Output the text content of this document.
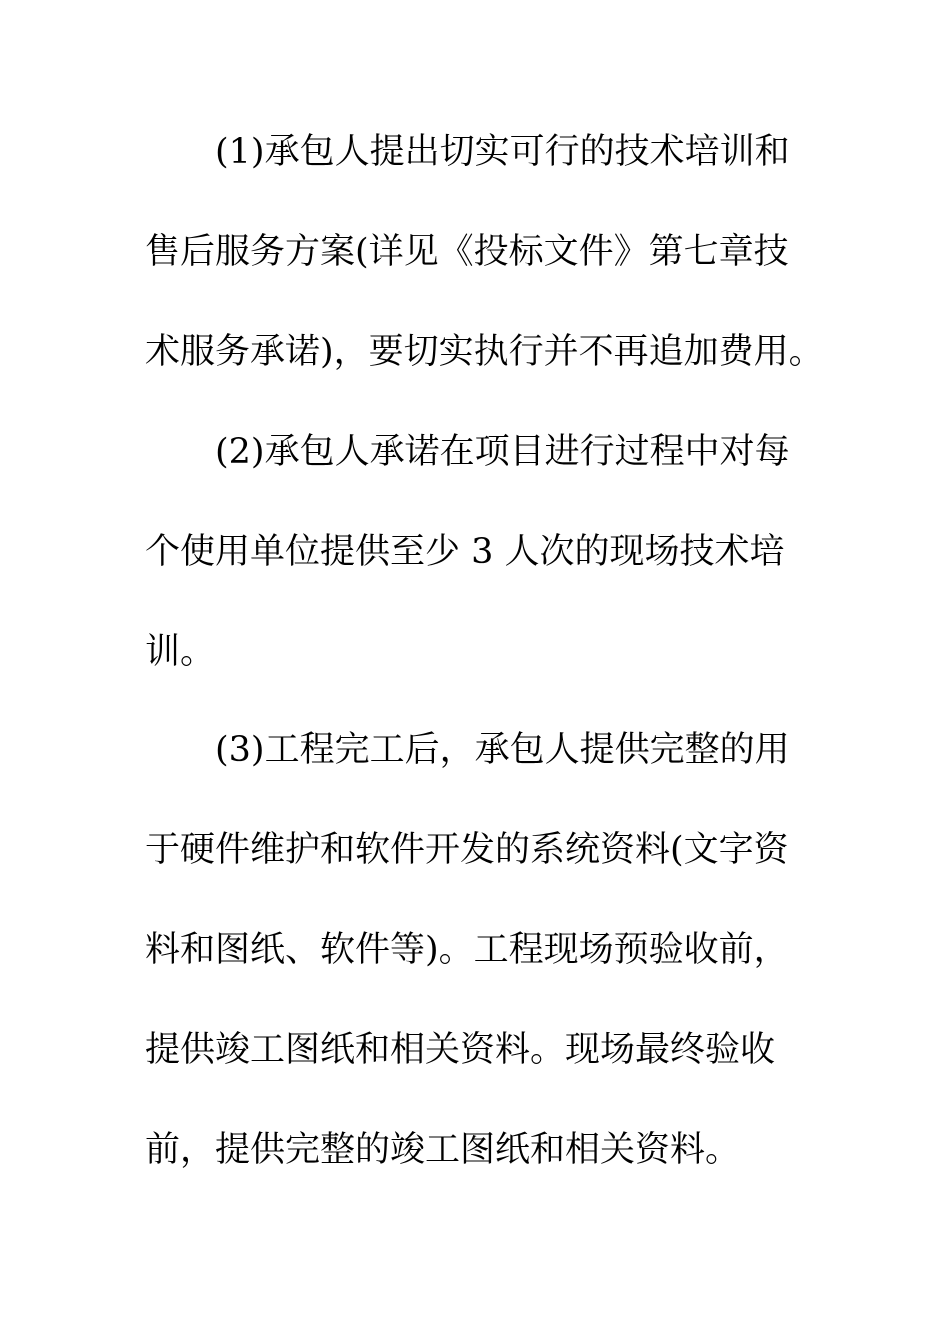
(1)承包人提出切实可行的技术培训和
售后服务方案(详见《投标文件》第七章技
术服务承诺)，要切实执行并不再追加费用。
(2)承包人承诺在项目进行过程中对每
个使用单位提供至少 3 人次的现场技术培
训。
(3)工程完工后，承包人提供完整的用
于硬件维护和软件开发的系统资料(文字资
料和图纸、软件等)。工程现场预验收前，
提供竣工图纸和相关资料。现场最终验收
前，提供完整的竣工图纸和相关资料。
